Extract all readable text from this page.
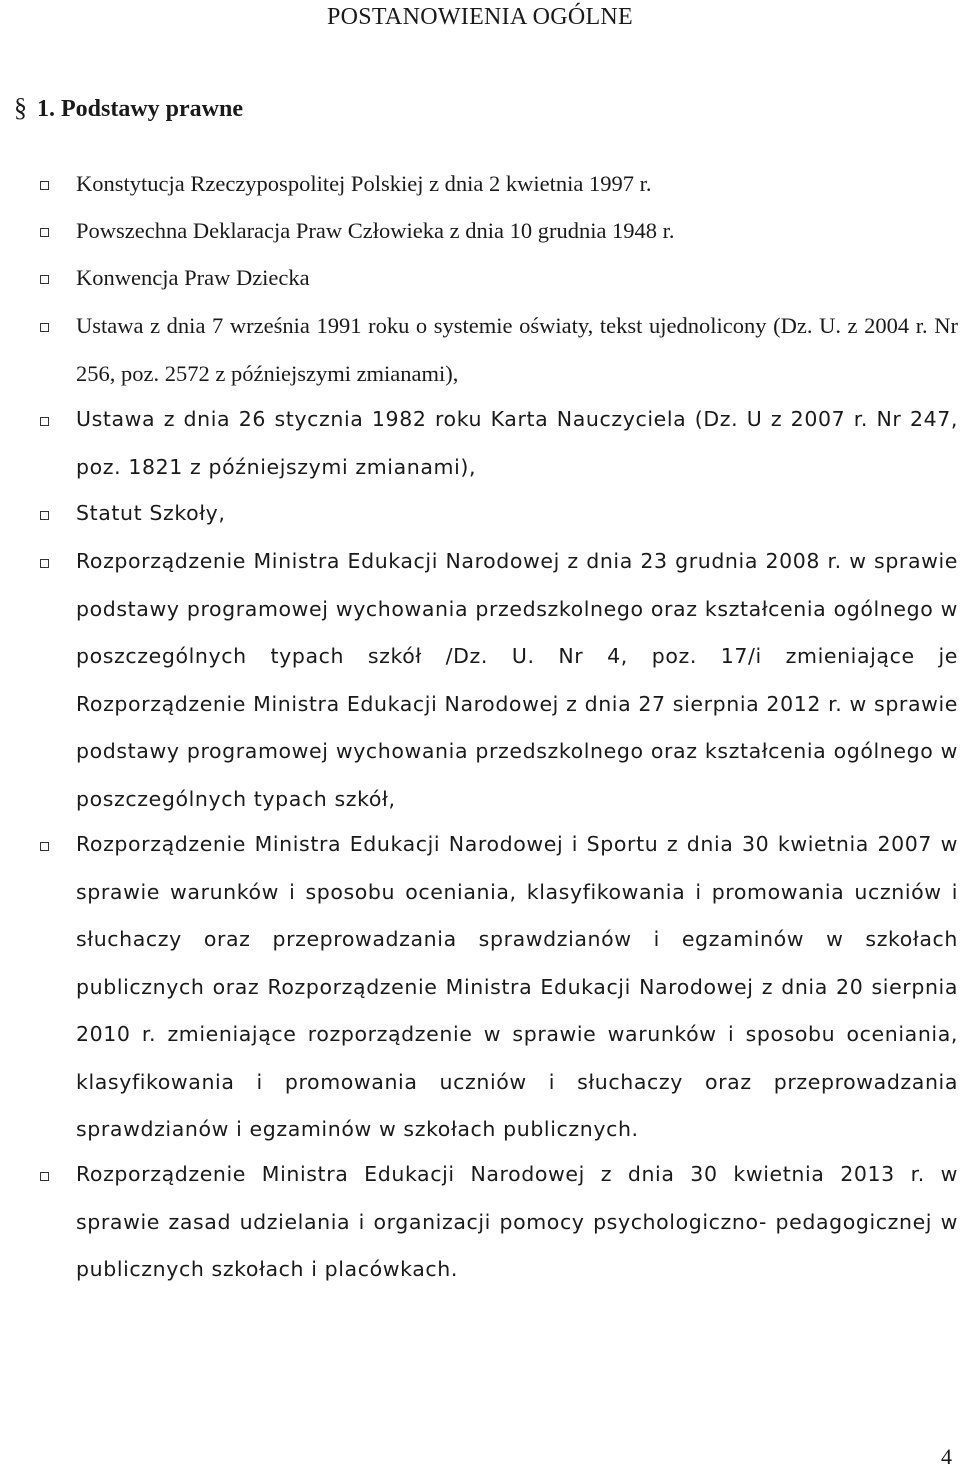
POSTANOWIENIA OGÓLNE
§ 1. Podstawy prawne
Konstytucja Rzeczypospolitej Polskiej z dnia 2 kwietnia 1997 r.
Powszechna Deklaracja Praw Człowieka z dnia 10 grudnia 1948 r.
Konwencja Praw Dziecka
Ustawa z dnia 7 września 1991 roku o systemie oświaty, tekst ujednolicony (Dz. U. z 2004 r. Nr 256, poz. 2572 z późniejszymi zmianami),
Ustawa z dnia 26 stycznia 1982 roku Karta Nauczyciela (Dz. U z 2007 r. Nr 247, poz. 1821 z późniejszymi zmianami),
Statut Szkoły,
Rozporządzenie Ministra Edukacji Narodowej z dnia 23 grudnia 2008 r. w sprawie podstawy programowej wychowania przedszkolnego oraz kształcenia ogólnego w poszczególnych typach szkół /Dz. U. Nr 4, poz. 17/i zmieniające je Rozporządzenie Ministra Edukacji Narodowej z dnia 27 sierpnia 2012 r. w sprawie podstawy programowej wychowania przedszkolnego oraz kształcenia ogólnego w poszczególnych typach szkół,
Rozporządzenie Ministra Edukacji Narodowej i Sportu z dnia 30 kwietnia 2007 w sprawie warunków i sposobu oceniania, klasyfikowania i promowania uczniów i słuchaczy oraz przeprowadzania sprawdzianów i egzaminów w szkołach publicznych oraz Rozporządzenie Ministra Edukacji Narodowej z dnia 20 sierpnia 2010 r. zmieniające rozporządzenie w sprawie warunków i sposobu oceniania, klasyfikowania i promowania uczniów i słuchaczy oraz przeprowadzania sprawdzianów i egzaminów w szkołach publicznych.
Rozporządzenie Ministra Edukacji Narodowej z dnia 30 kwietnia 2013 r. w sprawie zasad udzielania i organizacji pomocy psychologiczno- pedagogicznej w publicznych szkołach i placówkach.
4
